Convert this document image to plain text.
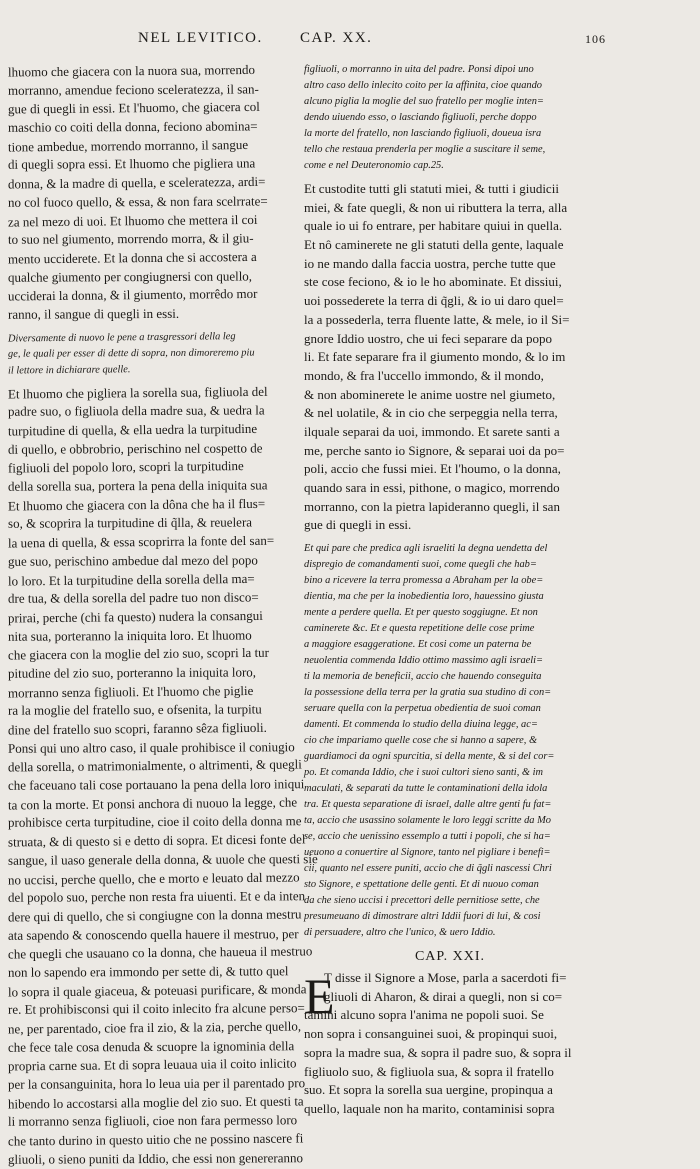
NEL LEVITICO. CAP. XX.	106
lhuomo che giacera con la nuora sua, morrendo
morranno, amendue feciono sceleratezza, il san-
gue di quegli in essi. Et l'huomo, che giacera col
maschio co coiti della donna, feciono abomina=
tione ambedue, morrendo morranno, il sangue
di quegli sopra essi. Et lhuomo che pigliera una
donna, & la madre di quella, e sceleratezza, ardi=
no col fuoco quello, & essa, & non fara scelrrate=
za nel mezo di uoi. Et lhuomo che mettera il coi
to suo nel giumento, morrendo morra, & il giu-
mento ucciderete. Et la donna che si accostera a
qualche giumento per congiugnersi con quello,
ucciderai la donna, & il giumento, morrêdo mor
ranno, il sangue di quegli in essi.
Diversamente di nuovo le pene a trasgressori della leg
ge, le quali per esser di dette di sopra, non dimoreremo piu
il lettore in dichiarare quelle.
Et lhuomo che pigliera la sorella sua, figliuola del
padre suo, o figliuola della madre sua, & uedra la
turpitudine di quella, & ella uedra la turpitudine
di quello, e obbrobrio, perischino nel cospetto de
figliuoli del popolo loro, scopri la turpitudine
della sorella sua, portera la pena della iniquita sua
Et lhuomo che giacera con la dôna che ha il flus=
so, & scoprira la turpitudine di q̃lla, & reuelera
la uena di quella, & essa scoprirra la fonte del san=
gue suo, perischino ambedue dal mezo del popo
lo loro. Et la turpitudine della sorella della ma=
dre tua, & della sorella del padre tuo non disco=
prirai, perche (chi fa questo) nudera la consangui
nita sua, porteranno la iniquita loro. Et lhuomo
che giacera con la moglie del zio suo, scopri la tur
pitudine del zio suo, porteranno la iniquita loro,
morranno senza figliuoli. Et l'huomo che piglie
ra la moglie del fratello suo, e ofsenita, la turpitu
dine del fratello suo scopri, faranno sêza figliuoli.
Ponsi qui uno altro caso, il quale prohibisce il coniugio
della sorella, o matrimonialmente, o altrimenti, & quegli
che faceuano tali cose portauano la pena della loro iniqui
ta con la morte. Et ponsi anchora di nuouo la legge, che
prohibisce certa turpitudine, cioe il coito della donna me
struata, & di questo si e detto di sopra. Et dicesi fonte del
sangue, il uaso generale della donna, & uuole che questi sie
no uccisi, perche quello, che e morto e leuato dal mezzo
del popolo suo, perche non resta fra uiuenti. Et e da inten
dere qui di quello, che si congiugne con la donna mestru
ata sapendo & conoscendo quella hauere il mestruo, per
che quegli che usauano co la donna, che haueua il mestruo
non lo sapendo era immondo per sette di, & tutto quel
lo sopra il quale giaceua, & poteuasi purificare, & monda
re. Et prohibisconsi qui il coito inlecito fra alcune perso=
ne, per parentado, cioe fra il zio, & la zia, perche quello,
che fece tale cosa denuda & scuopre la ignominia della
propria carne sua. Et di sopra leuaua uia il coito inlicito
per la consanguinita, hora lo leua uia per il parentado pro
hibendo lo accostarsi alla moglie del zio suo. Et questi ta
li morranno senza figliuoli, cioe non fara permesso loro
che tanto durino in questo uitio che ne possino nascere fi
gliuoli, o sieno puniti da Iddio, che essi non genereranno
figliuoli, o morranno in uita del padre. Ponsi dipoi uno
altro caso dello inlecito coito per la affinita, cioe quando
alcuno piglia la moglie del suo fratello per moglie inten=
dendo uiuendo esso, o lasciando figliuoli, perche doppo
la morte del fratello, non lasciando figliuoli, doueua isra
tello che restaua prenderla per moglie a suscitare il seme,
come e nel Deuteronomio cap.25.
Et custodite tutti gli statuti miei, & tutti i giudicii
miei, & fate quegli, & non ui ributtera la terra, alla
quale io ui fo entrare, per habitare quiui in quella.
Et nô caminerete ne gli statuti della gente, laquale
io ne mando dalla faccia uostra, perche tutte que
ste cose feciono, & io le ho abominate. Et dissiui,
uoi possederete la terra di q̃gli, & io ui daro quel=
la a possederla, terra fluente latte, & mele, io il Si=
gnore Iddio uostro, che ui feci separare da popo
li. Et fate separare fra il giumento mondo, & lo im
mondo, & fra l'uccello immondo, & il mondo,
& non abominerete le anime uostre nel giumeto,
& nel uolatile, & in cio che serpeggia nella terra,
ilquale separai da uoi, immondo. Et sarete santi a
me, perche santo io Signore, & separai uoi da po=
poli, accio che fussi miei. Et l'houmo, o la donna,
quando sara in essi, pithone, o magico, morrendo
morranno, con la pietra lapideranno quegli, il san
gue di quegli in essi.
Et qui pare che predica agli israeliti la degna uendetta del
dispregio de comandamenti suoi, come quegli che hab=
bino a ricevere la terra promessa a Abraham per la obe=
dientia, ma che per la inobedientia loro, hauessino giusta
mente a perdere quella. Et per questo soggiugne. Et non
caminerete &c. Et e questa repetitione delle cose prime
a maggiore esaggeratione. Et cosi come un paterna be
neuolentia commenda Iddio ottimo massimo agli israeli=
ti la memoria de beneficii, accio che hauendo conseguita
la possessione della terra per la gratia sua studino di con=
seruare quella con la perpetua obedientia de suoi coman
damenti. Et commenda lo studio della diuina legge, ac=
cio che impariamo quelle cose che si hanno a sapere, &
guardiamoci da ogni spurcitia, si della mente, & si del cor=
po. Et comanda Iddio, che i suoi cultori sieno santi, & im
maculati, & separati da tutte le contaminationi della idola
tra. Et questa separatione di israel, dalle altre genti fu fat=
ta, accio che usassino solamente le loro leggi scritte da Mo
se, accio che uenissino essemplo a tutti i popoli, che si ha=
ueuono a conuertire al Signore, tanto nel pigliare i benefi=
cii, quanto nel essere puniti, accio che di q̃gli nascessi Chri
sto Signore, e spettatione delle genti. Et di nuouo coman
da che sieno uccisi i precettori delle pernitiose sette, che
presumeuano di dimostrare altri Iddii fuori di lui, & cosi
di persuadere, altro che l'unico, & uero Iddio.
CAP. XXI.
E
T disse il Signore a Mose, parla a sacerdoti fi=
gliuoli di Aharon, & dirai a quegli, non si co=
tamini alcuno sopra l'anima ne popoli suoi. Se
non sopra i consanguinei suoi, & propinqui suoi,
sopra la madre sua, & sopra il padre suo, & sopra il
figliuolo suo, & figliuola sua, & sopra il fratello
suo. Et sopra la sorella sua uergine, propinqua a
quello, laquale non ha marito, contaminisi sopra
